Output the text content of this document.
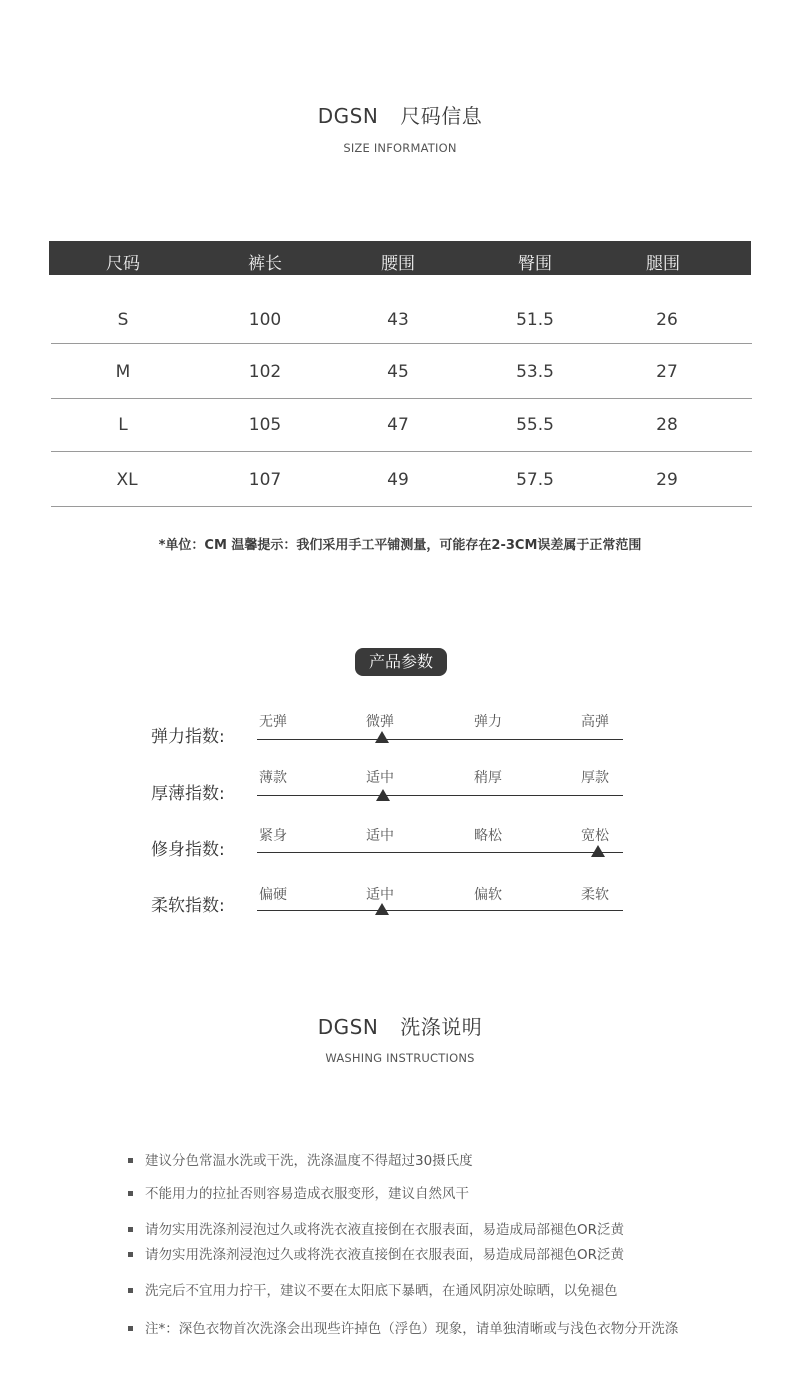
DGSN 尺码信息
SIZE INFORMATION
尺码	裤长	腰围	臀围	腿围
S	100	43	51.5	26
M	102	45	53.5	27
L	105	47	55.5	28
XL	107	49	57.5	29
*单位：CM 温馨提示：我们采用手工平铺测量，可能存在2-3CM误差属于正常范围
产品参数
弹力指数:
无弹	微弹	弹力	高弹
厚薄指数:
薄款	适中	稍厚	厚款
修身指数:
紧身	适中	略松	宽松
柔软指数:
偏硬	适中	偏软	柔软
DGSN 洗涤说明
WASHING INSTRUCTIONS
建议分色常温水洗或干洗，洗涤温度不得超过30摄氏度
不能用力的拉扯否则容易造成衣服变形，建议自然风干
请勿实用洗涤剂浸泡过久或将洗衣液直接倒在衣服表面，易造成局部褪色OR泛黄
请勿实用洗涤剂浸泡过久或将洗衣液直接倒在衣服表面，易造成局部褪色OR泛黄
洗完后不宜用力拧干，建议不要在太阳底下暴晒，在通风阴凉处晾晒，以免褪色
注*：深色衣物首次洗涤会出现些许掉色（浮色）现象，请单独清晰或与浅色衣物分开洗涤
